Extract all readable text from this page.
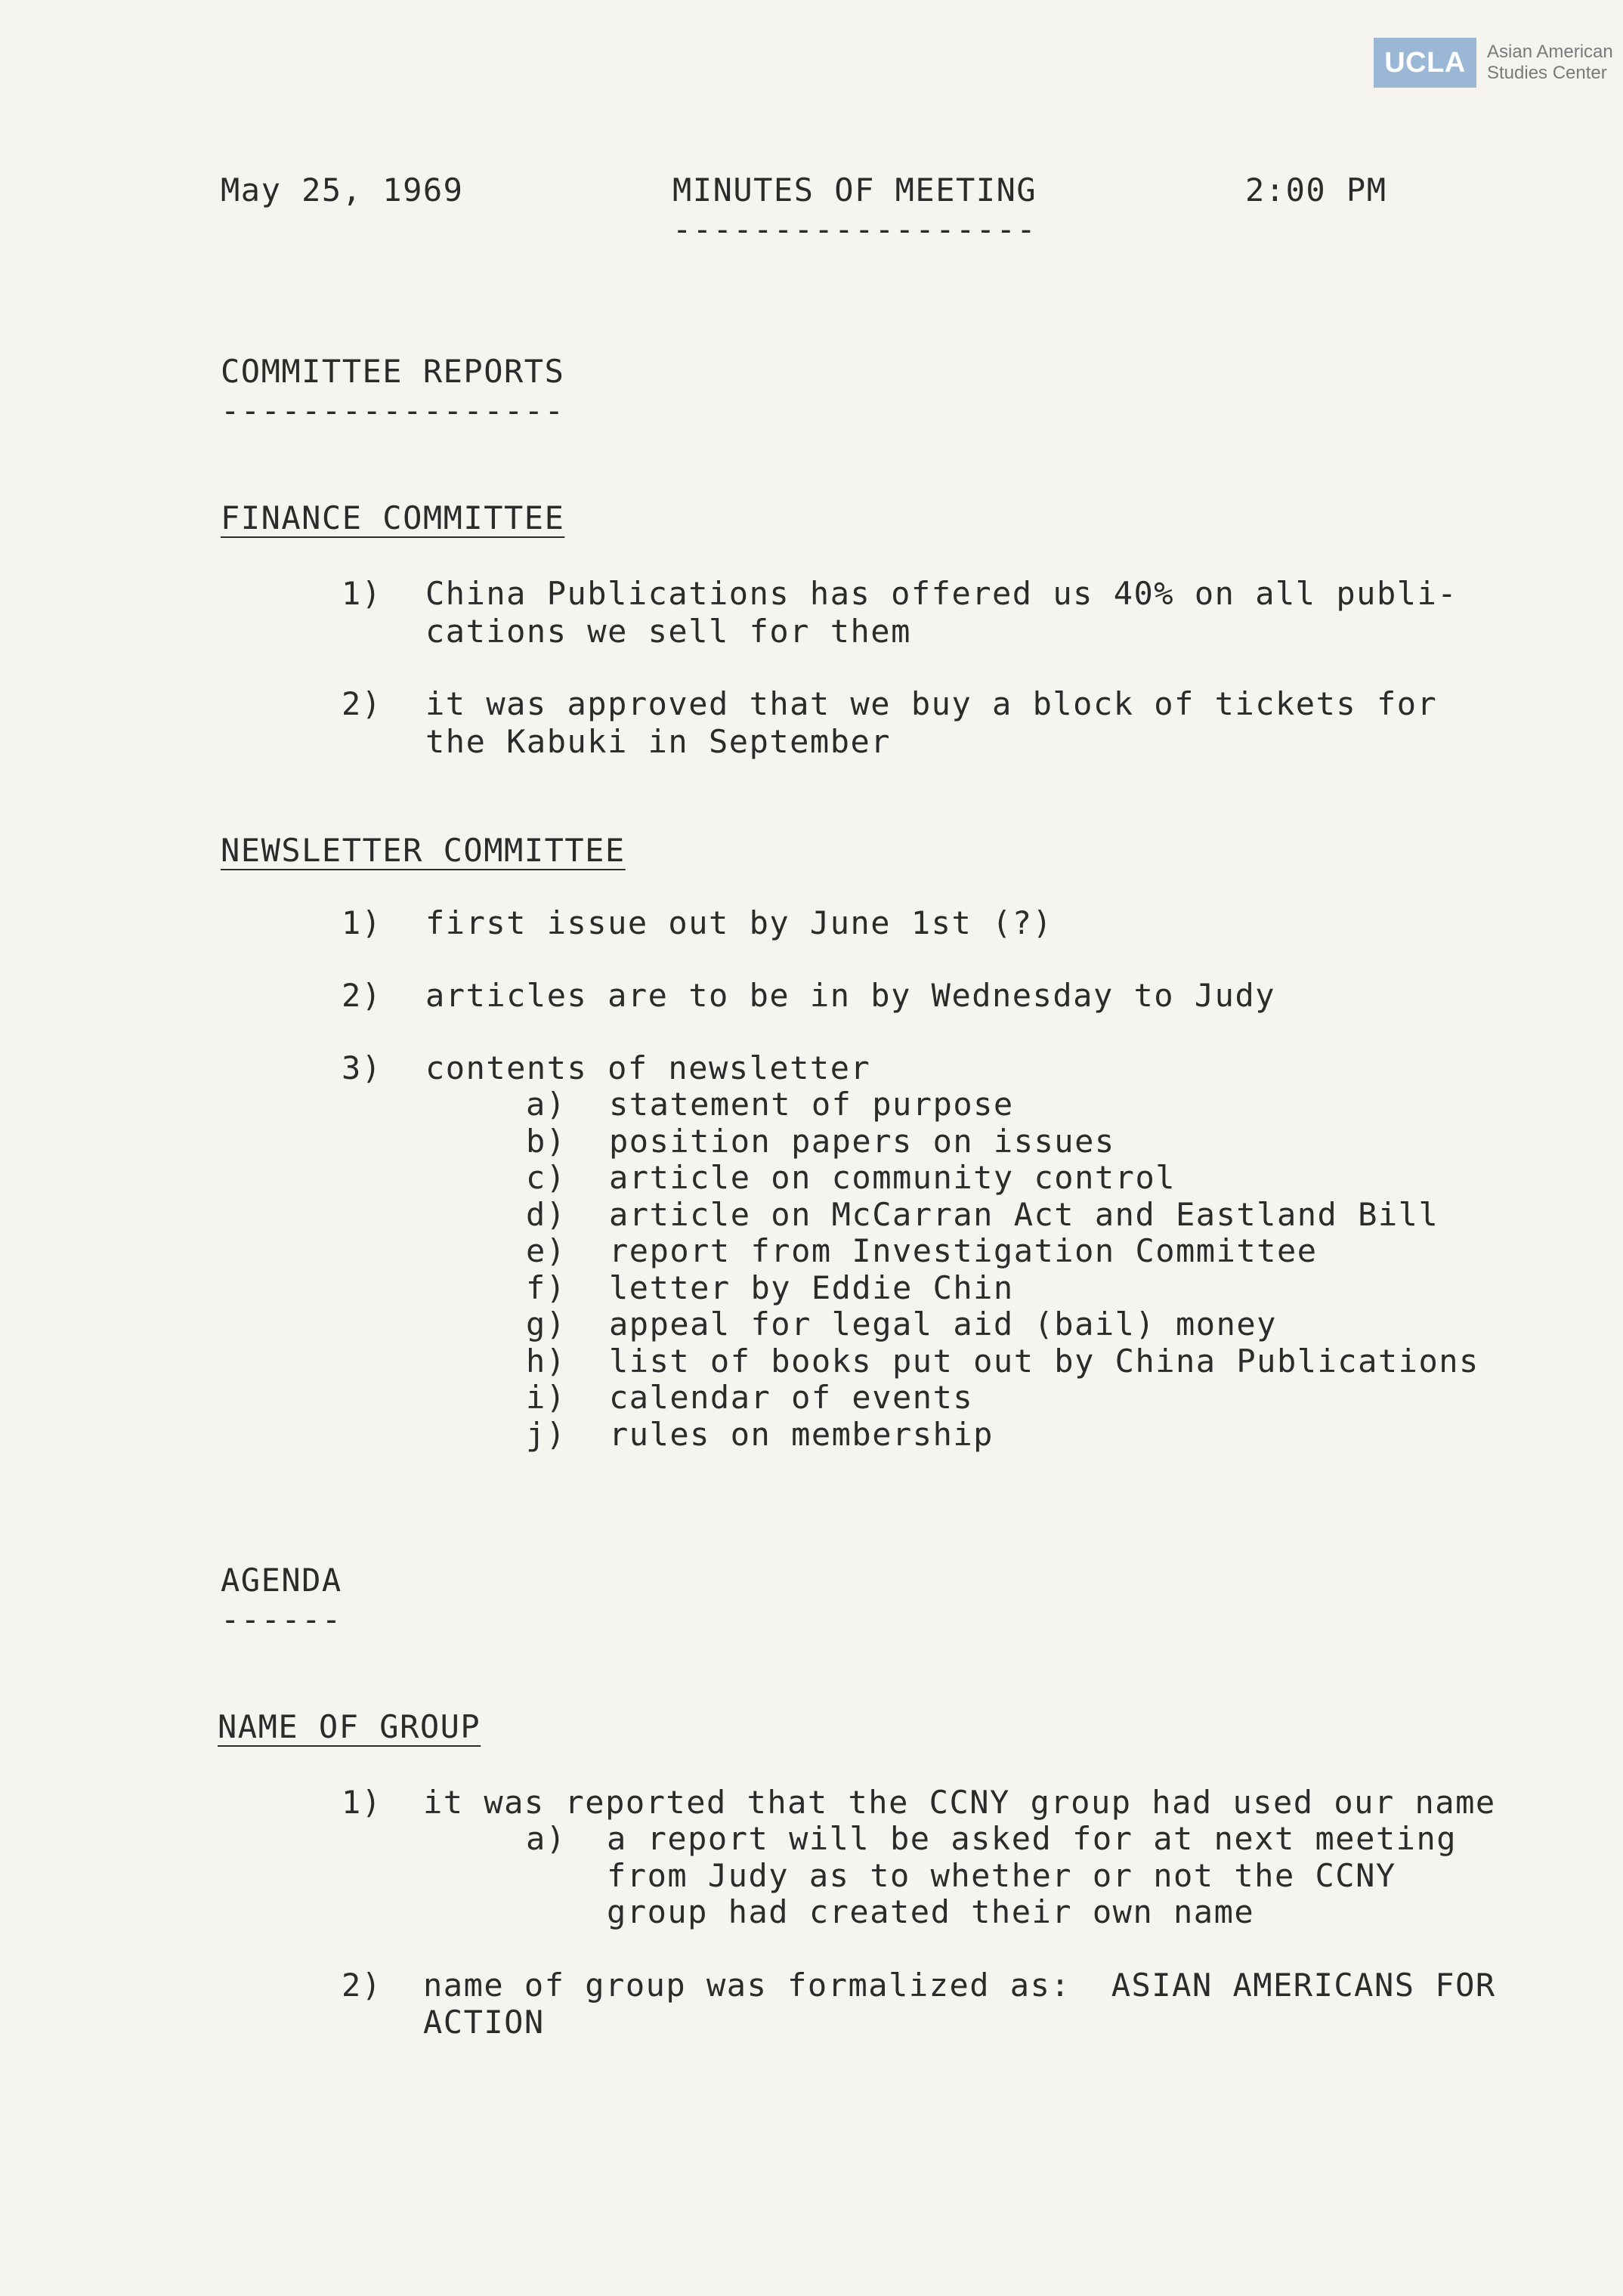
UCLA	Asian American
Studies Center
May 25, 1969	MINUTES OF MEETING
------------------
2:00 PM
COMMITTEE REPORTS
-----------------
FINANCE COMMITTEE
1) China Publications has offered us 40% on all publi-
cations we sell for them
2) it was approved that we buy a block of tickets for
the Kabuki in September
NEWSLETTER COMMITTEE
1) first issue out by June 1st (?)
2) articles are to be in by Wednesday to Judy
3) contents of newsletter
a) statement of purpose
b) position papers on issues
c) article on community control
d) article on McCarran Act and Eastland Bill
e) report from Investigation Committee
f) letter by Eddie Chin
g) appeal for legal aid (bail) money
h) list of books put out by China Publications
i) calendar of events
j) rules on membership
AGENDA
------
NAME OF GROUP
1) it was reported that the CCNY group had used our name
a) a report will be asked for at next meeting
from Judy as to whether or not the CCNY
group had created their own name
2) name of group was formalized as:  ASIAN AMERICANS FOR
ACTION
